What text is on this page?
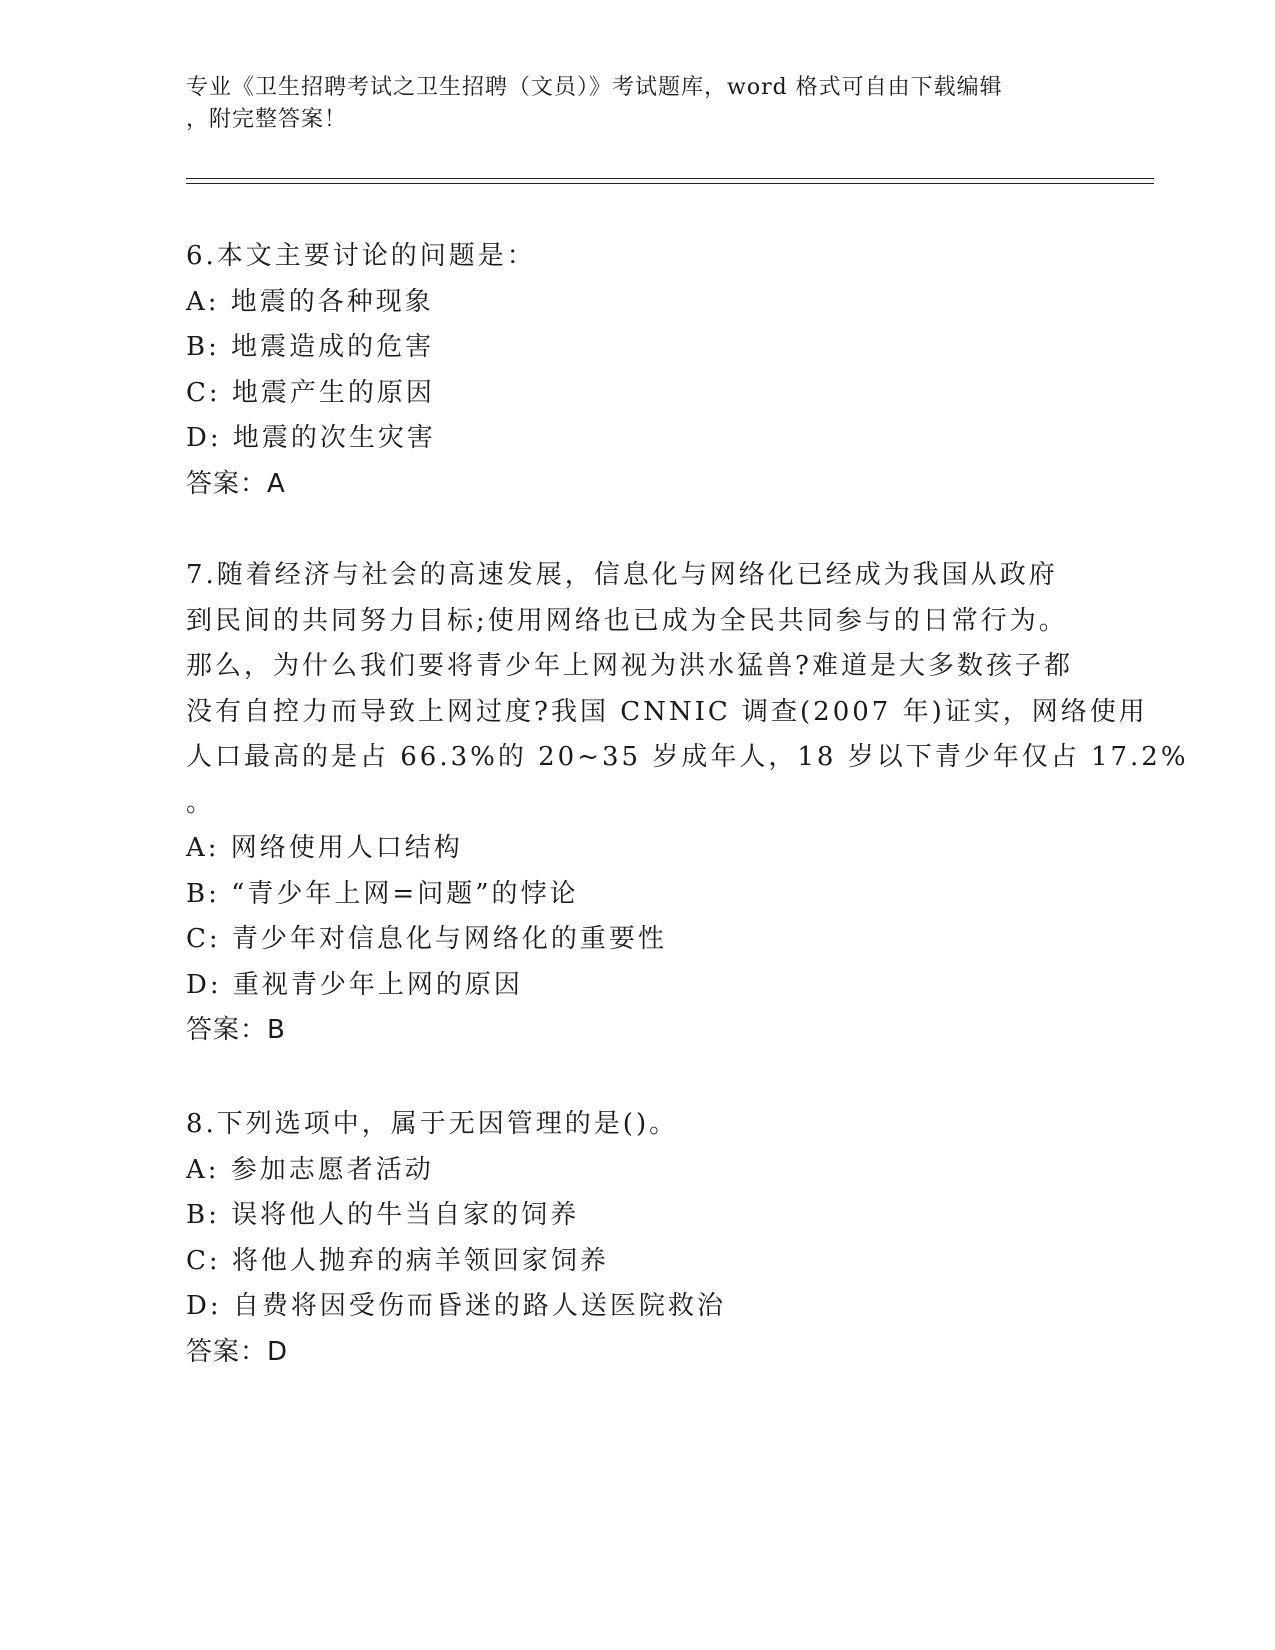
专业《卫生招聘考试之卫生招聘（文员）》考试题库，word 格式可自由下载编辑
，附完整答案！
6.本文主要讨论的问题是：
A: 地震的各种现象
B: 地震造成的危害
C: 地震产生的原因
D: 地震的次生灾害
答案：A
7.随着经济与社会的高速发展，信息化与网络化已经成为我国从政府
到民间的共同努力目标;使用网络也已成为全民共同参与的日常行为。
那么，为什么我们要将青少年上网视为洪水猛兽?难道是大多数孩子都
没有自控力而导致上网过度?我国 CNNIC 调查(2007 年)证实，网络使用
人口最高的是占 66.3%的 20~35 岁成年人，18 岁以下青少年仅占 17.2%
。
A: 网络使用人口结构
B: “青少年上网=问题”的悖论
C: 青少年对信息化与网络化的重要性
D: 重视青少年上网的原因
答案：B
8.下列选项中，属于无因管理的是()。
A: 参加志愿者活动
B: 误将他人的牛当自家的饲养
C: 将他人抛弃的病羊领回家饲养
D: 自费将因受伤而昏迷的路人送医院救治
答案：D
